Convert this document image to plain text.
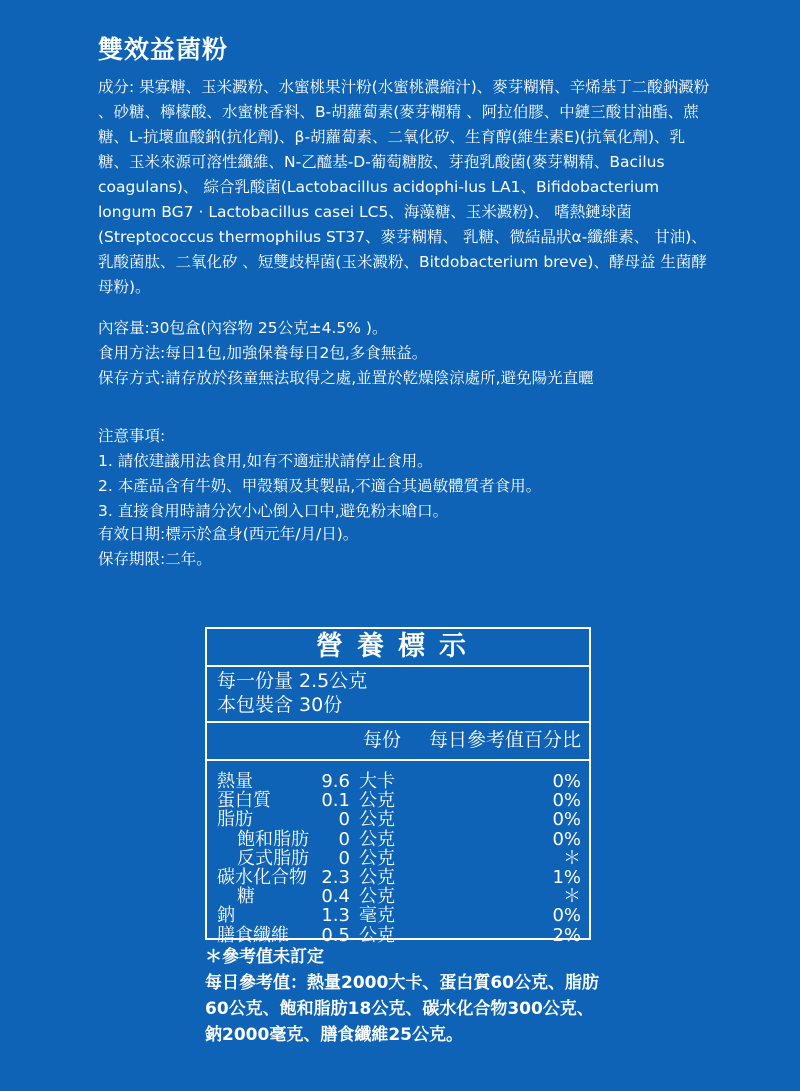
雙效益菌粉
成分: 果寡糖、玉米澱粉、水蜜桃果汁粉(水蜜桃濃縮汁)、麥芽糊精、辛烯基丁二酸鈉澱粉 、砂糖、檸檬酸、水蜜桃香料、B-胡蘿蔔素(麥芽糊精 、阿拉伯膠、中鏈三酸甘油酯、蔗糖、L-抗壞血酸鈉(抗化劑)、β-胡蘿蔔素、二氧化矽、生育醇(維生素E)(抗氧化劑)、乳糖、玉米來源可溶性纖維、N-乙醯基-D-葡萄糖胺、芽孢乳酸菌(麥芽糊精、Bacilus coagulans)、 綜合乳酸菌(Lactobacillus acidophi-lus LA1、Bifidobacterium longum BG7 · Lactobacillus casei LC5、海藻糖、玉米澱粉)、 嗜熱鏈球菌(Streptococcus thermophilus ST37、麥芽糊精、 乳糖、微結晶狀α-纖維素、 甘油)、乳酸菌肽、二氧化矽 、短雙歧桿菌(玉米澱粉、Bitdobacterium breve)、酵母益 生菌酵母粉)。
內容量:30包盒(內容物 25公克±4.5% )。
食用方法:每日1包,加強保養每日2包,多食無益。
保存方式:請存放於孩童無法取得之處,並置於乾燥陰涼處所,避免陽光直曬
注意事項:
1. 請依建議用法食用,如有不適症狀請停止食用。
2. 本產品含有牛奶、甲殼類及其製品,不適合其過敏體質者食用。
3. 直接食用時請分次小心倒入口中,避免粉末嗆口。
有效日期:標示於盒身(西元年/月/日)。
保存期限:二年。
營養標示
每一份量 2.5公克
本包裝含 30份
每份 每日參考值百分比
熱量	9.6 大卡	0%
蛋白質	0.1 公克	0%
脂肪	0 公克	0%
飽和脂肪 0 公克	0%
反式脂肪 0 公克	＊
碳水化合物 2.3 公克	1%
糖	0.4 公克	＊
鈉	1.3 毫克	0%
膳食纖維 0.5 公克	2%
＊參考值未訂定
每日參考值：熱量2000大卡、蛋白質60公克、脂肪60公克、飽和脂肪18公克、碳水化合物300公克、鈉2000毫克、膳食纖維25公克。
